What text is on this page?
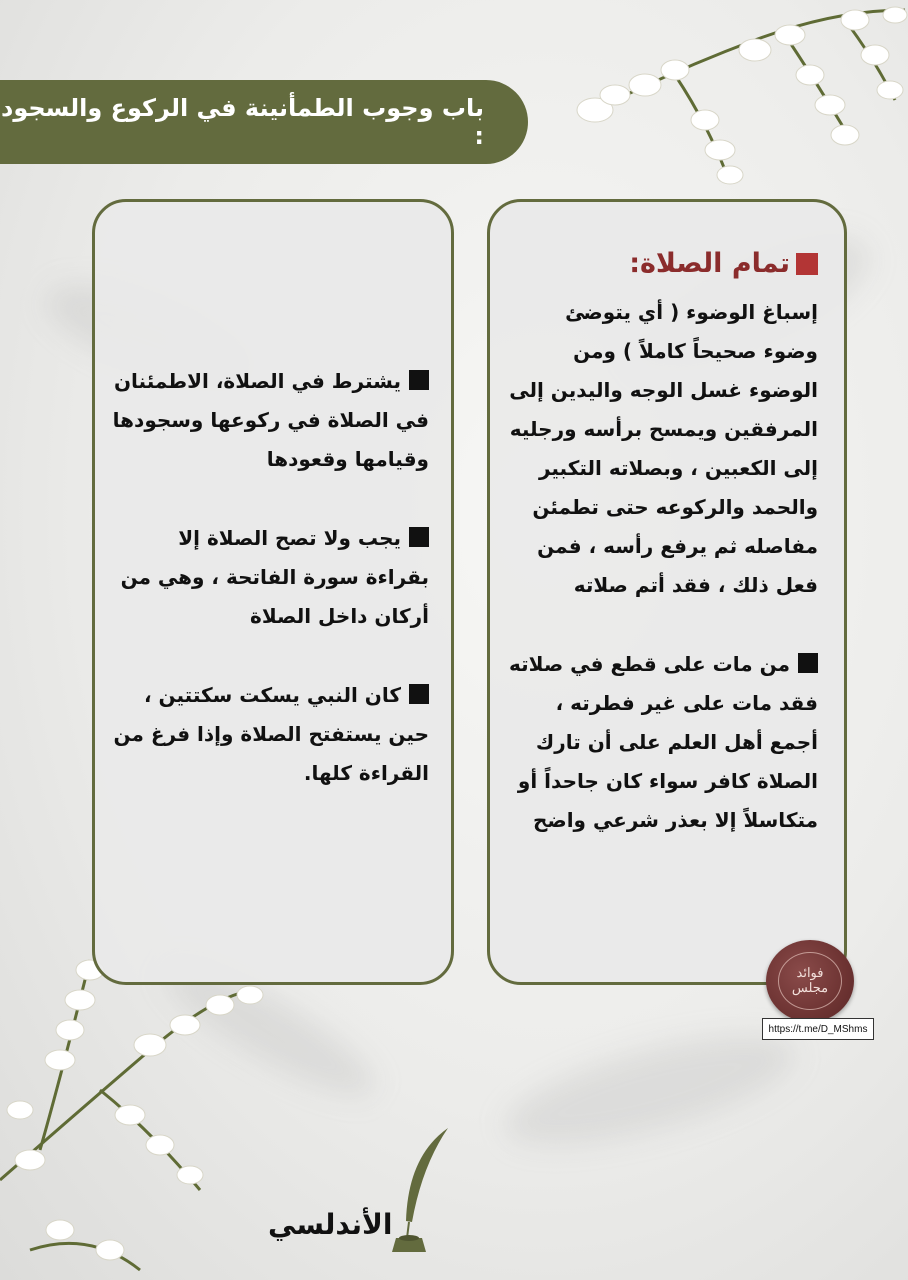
باب وجوب الطمأنينة في الركوع والسجود :
تمام الصلاة:

إسباغ الوضوء ( أي يتوضئ وضوء صحيحاً كاملاً ) ومن الوضوء غسل الوجه واليدين إلى المرفقين ويمسح برأسه ورجليه إلى الكعبين ، وبصلاته التكبير والحمد والركوعه حتى تطمئن مفاصله ثم يرفع رأسه ، فمن فعل ذلك ، فقد أتم صلاته

من مات على قطع في صلاته فقد مات على غير فطرته ، أجمع أهل العلم على أن تارك الصلاة كافر سواء كان جاحداً أو متكاسلاً إلا بعذر شرعي واضح

يشترط في الصلاة، الاطمئنان في الصلاة في ركوعها وسجودها وقيامها وقعودها

يجب ولا تصح الصلاة إلا بقراءة سورة الفاتحة ، وهي من أركان داخل الصلاة

كان النبي يسكت سكتتين ، حين يستفتح الصلاة وإذا فرغ من القراءة كلها.

فوائد مجلس
https://t.me/D_MShms
الأندلسي
